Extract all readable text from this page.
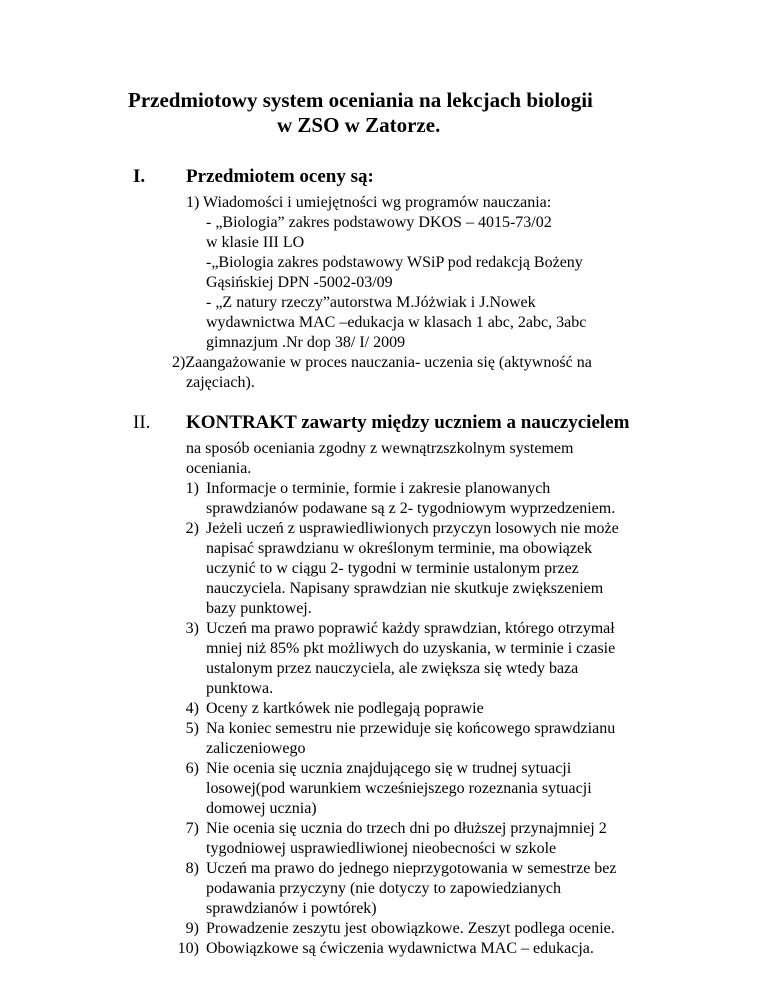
Przedmiotowy system oceniania na lekcjach biologii
w ZSO w Zatorze.
I. Przedmiotem oceny są:
1) Wiadomości i umiejętności wg programów nauczania:
- „Biologia” zakres podstawowy DKOS – 4015-73/02
w klasie III LO
-„Biologia zakres podstawowy WSiP pod redakcją Bożeny
Gąsińskiej DPN -5002-03/09
- „Z natury rzeczy”autorstwa M.Jóżwiak i J.Nowek
wydawnictwa MAC –edukacja w klasach 1 abc, 2abc, 3abc
gimnazjum .Nr dop 38/ I/ 2009
2)Zaangażowanie w proces nauczania- uczenia się (aktywność na
zajęciach).
II. KONTRAKT zawarty między uczniem a nauczycielem
na sposób oceniania zgodny z wewnątrzszkolnym systemem
oceniania.
1) Informacje o terminie, formie i zakresie planowanych
sprawdzianów podawane są z 2- tygodniowym wyprzedzeniem.
2) Jeżeli uczeń z usprawiedliwionych przyczyn losowych nie może
napisać sprawdzianu w określonym terminie, ma obowiązek
uczynić to w ciągu 2- tygodni w terminie ustalonym przez
nauczyciela. Napisany sprawdzian nie skutkuje zwiększeniem
bazy punktowej.
3) Uczeń ma prawo poprawić każdy sprawdzian, którego otrzymał
mniej niż 85% pkt możliwych do uzyskania, w terminie i czasie
ustalonym przez nauczyciela, ale zwiększa się wtedy baza
punktowa.
4) Oceny z kartkówek nie podlegają poprawie
5) Na koniec semestru nie przewiduje się końcowego sprawdzianu
zaliczeniowego
6) Nie ocenia się ucznia znajdującego się w trudnej sytuacji
losowej(pod warunkiem wcześniejszego rozeznania sytuacji
domowej ucznia)
7) Nie ocenia się ucznia do trzech dni po dłuższej przynajmniej 2
tygodniowej usprawiedliwionej nieobecności w szkole
8) Uczeń ma prawo do jednego nieprzygotowania w semestrze bez
podawania przyczyny (nie dotyczy to zapowiedzianych
sprawdzianów i powtórek)
9) Prowadzenie zeszytu jest obowiązkowe. Zeszyt podlega ocenie.
10) Obowiązkowe są ćwiczenia wydawnictwa MAC – edukacja.
